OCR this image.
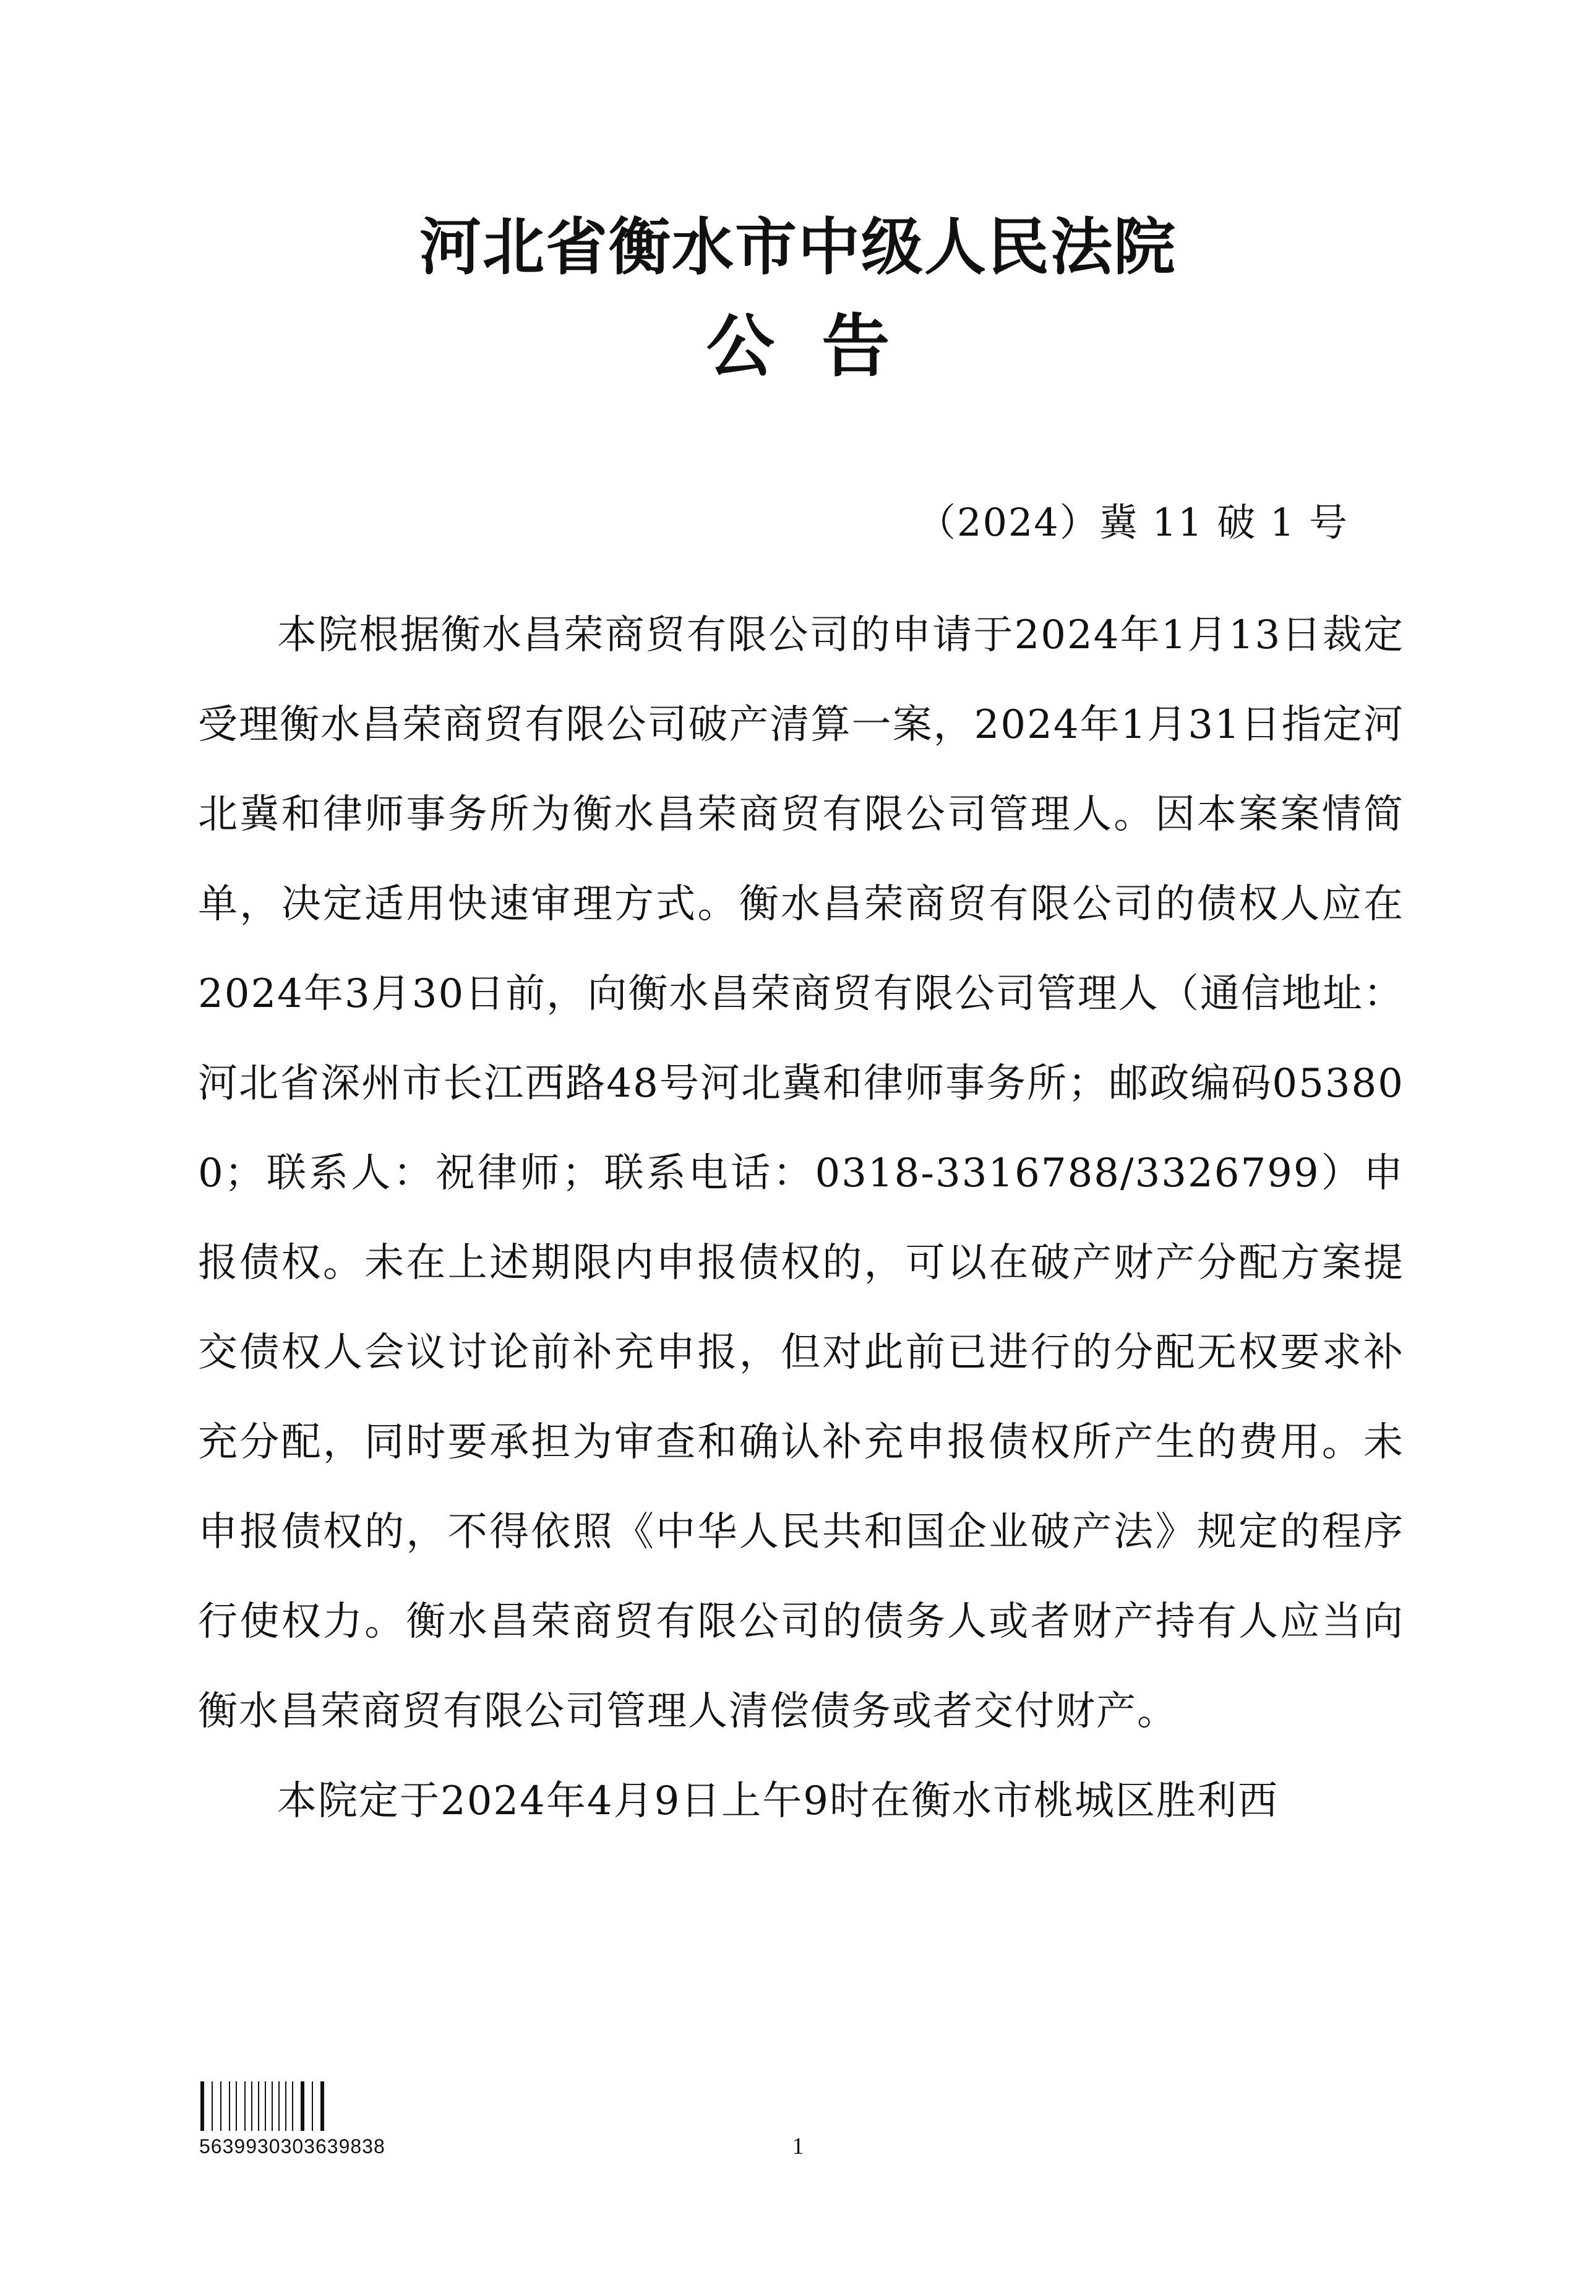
河北省衡水市中级人民法院
公  告
（2024）冀 11 破 1 号

本院根据衡水昌荣商贸有限公司的申请于2024年1月13日裁定受理衡水昌荣商贸有限公司破产清算一案，2024年1月31日指定河北冀和律师事务所为衡水昌荣商贸有限公司管理人。因本案案情简单，决定适用快速审理方式。衡水昌荣商贸有限公司的债权人应在2024年3月30日前，向衡水昌荣商贸有限公司管理人（通信地址：河北省深州市长江西路48号河北冀和律师事务所；邮政编码053800；联系人：祝律师；联系电话：0318-3316788/3326799）申报债权。未在上述期限内申报债权的，可以在破产财产分配方案提交债权人会议讨论前补充申报，但对此前已进行的分配无权要求补充分配，同时要承担为审查和确认补充申报债权所产生的费用。未申报债权的，不得依照《中华人民共和国企业破产法》规定的程序行使权力。衡水昌荣商贸有限公司的债务人或者财产持有人应当向衡水昌荣商贸有限公司管理人清偿债务或者交付财产。

本院定于2024年4月9日上午9时在衡水市桃城区胜利西

5639930303639838	1
